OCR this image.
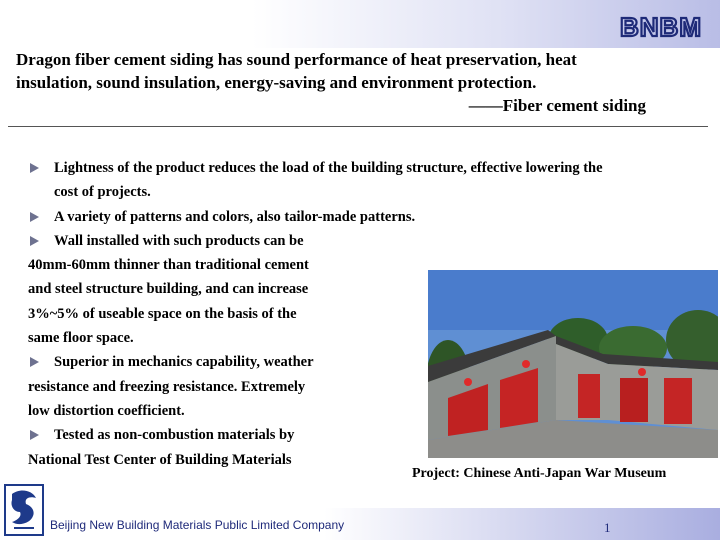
BNBM
Dragon fiber cement siding has sound performance of heat preservation, heat
insulation, sound insulation, energy-saving and environment protection.
——Fiber cement siding
Lightness of the product reduces the load of the building structure, effective lowering the
cost of projects.
A variety of patterns and colors, also tailor-made patterns.
Wall installed with such products can be
40mm-60mm thinner than traditional cement
and steel structure building, and can increase
3%~5% of useable space on the basis of the
same floor space.
Superior in mechanics capability, weather
resistance and freezing resistance. Extremely
low distortion coefficient.
Tested as non-combustion materials by
National Test Center of Building Materials
Project: Chinese Anti-Japan War Museum
Beijing New Building Materials Public Limited Company	1
